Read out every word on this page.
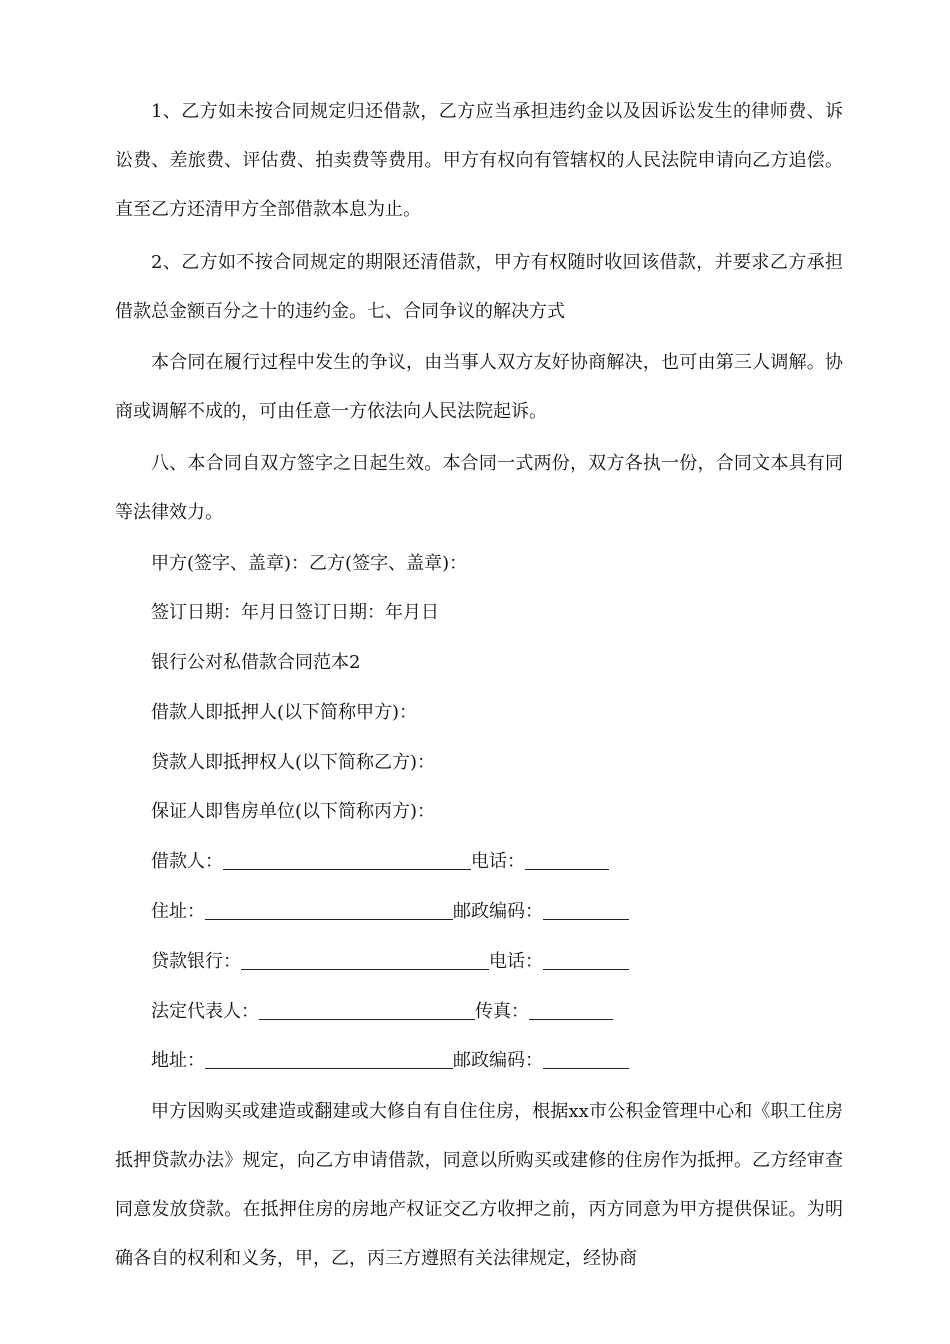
1、乙方如未按合同规定归还借款，乙方应当承担违约金以及因诉讼发生的律师费、诉讼费、差旅费、评估费、拍卖费等费用。甲方有权向有管辖权的人民法院申请向乙方追偿。直至乙方还清甲方全部借款本息为止。

2、乙方如不按合同规定的期限还清借款，甲方有权随时收回该借款，并要求乙方承担借款总金额百分之十的违约金。七、合同争议的解决方式

本合同在履行过程中发生的争议，由当事人双方友好协商解决，也可由第三人调解。协商或调解不成的，可由任意一方依法向人民法院起诉。

八、本合同自双方签字之日起生效。本合同一式两份，双方各执一份，合同文本具有同等法律效力。

甲方(签字、盖章)：乙方(签字、盖章)：

签订日期：年月日签订日期：年月日

银行公对私借款合同范本2

借款人即抵押人(以下简称甲方)：

贷款人即抵押权人(以下简称乙方)：

保证人即售房单位(以下简称丙方)：

借款人：	电话：

住址：	邮政编码：

贷款银行：	电话：

法定代表人：	传真：

地址：	邮政编码：

甲方因购买或建造或翻建或大修自有自住住房，根据xx市公积金管理中心和《职工住房抵押贷款办法》规定，向乙方申请借款，同意以所购买或建修的住房作为抵押。乙方经审查同意发放贷款。在抵押住房的房地产权证交乙方收押之前，丙方同意为甲方提供保证。为明确各自的权利和义务，甲，乙，丙三方遵照有关法律规定，经协商
